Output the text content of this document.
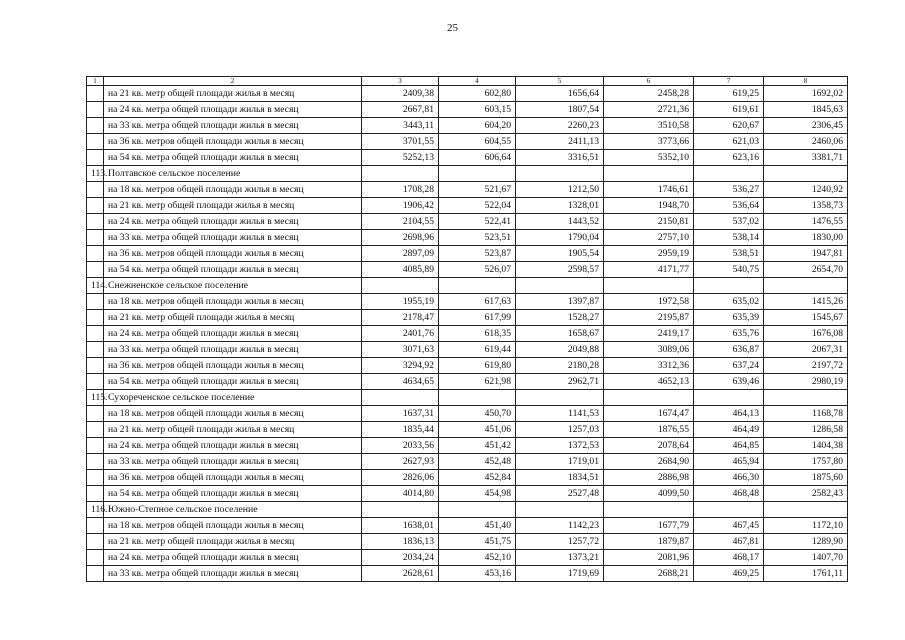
25
1	2	3	4	5	6	7	8
	на 21 кв. метр общей площади жилья в месяц	2409,38	602,80	1656,64	2458,28	619,25	1692,02
	на 24 кв. метра общей площади жилья в месяц	2667,81	603,15	1807,54	2721,36	619,61	1845,63
	на 33 кв. метра общей площади жилья в месяц	3443,11	604,20	2260,23	3510,58	620,67	2306,45
	на 36 кв. метров общей площади жилья в месяц	3701,55	604,55	2411,13	3773,66	621,03	2460,06
	на 54 кв. метра общей площади жилья в месяц	5252,13	606,64	3316,51	5352,10	623,16	3381,71
113.	Полтавское сельское поселение						
	на 18 кв. метров общей площади жилья в месяц	1708,28	521,67	1212,50	1746,61	536,27	1240,92
	на 21 кв. метр общей площади жилья в месяц	1906,42	522,04	1328,01	1948,70	536,64	1358,73
	на 24 кв. метра общей площади жилья в месяц	2104,55	522,41	1443,52	2150,81	537,02	1476,55
	на 33 кв. метра общей площади жилья в месяц	2698,96	523,51	1790,04	2757,10	538,14	1830,00
	на 36 кв. метров общей площади жилья в месяц	2897,09	523,87	1905,54	2959,19	538,51	1947,81
	на 54 кв. метра общей площади жилья в месяц	4085,89	526,07	2598,57	4171,77	540,75	2654,70
114.	Снежненское сельское поселение						
	на 18 кв. метров общей площади жилья в месяц	1955,19	617,63	1397,87	1972,58	635,02	1415,26
	на 21 кв. метр общей площади жилья в месяц	2178,47	617,99	1528,27	2195,87	635,39	1545,67
	на 24 кв. метра общей площади жилья в месяц	2401,76	618,35	1658,67	2419,17	635,76	1676,08
	на 33 кв. метра общей площади жилья в месяц	3071,63	619,44	2049,88	3089,06	636,87	2067,31
	на 36 кв. метров общей площади жилья в месяц	3294,92	619,80	2180,28	3312,36	637,24	2197,72
	на 54 кв. метра общей площади жилья в месяц	4634,65	621,98	2962,71	4652,13	639,46	2980,19
115.	Сухореченское сельское поселение						
	на 18 кв. метров общей площади жилья в месяц	1637,31	450,70	1141,53	1674,47	464,13	1168,78
	на 21 кв. метр общей площади жилья в месяц	1835,44	451,06	1257,03	1876,55	464,49	1286,58
	на 24 кв. метра общей площади жилья в месяц	2033,56	451,42	1372,53	2078,64	464,85	1404,38
	на 33 кв. метра общей площади жилья в месяц	2627,93	452,48	1719,01	2684,90	465,94	1757,80
	на 36 кв. метров общей площади жилья в месяц	2826,06	452,84	1834,51	2886,98	466,30	1875,60
	на 54 кв. метра общей площади жилья в месяц	4014,80	454,98	2527,48	4099,50	468,48	2582,43
116.	Южно-Степное сельское поселение						
	на 18 кв. метров общей площади жилья в месяц	1638,01	451,40	1142,23	1677,79	467,45	1172,10
	на 21 кв. метр общей площади жилья в месяц	1836,13	451,75	1257,72	1879,87	467,81	1289,90
	на 24 кв. метра общей площади жилья в месяц	2034,24	452,10	1373,21	2081,96	468,17	1407,70
	на 33 кв. метра общей площади жилья в месяц	2628,61	453,16	1719,69	2688,21	469,25	1761,11
